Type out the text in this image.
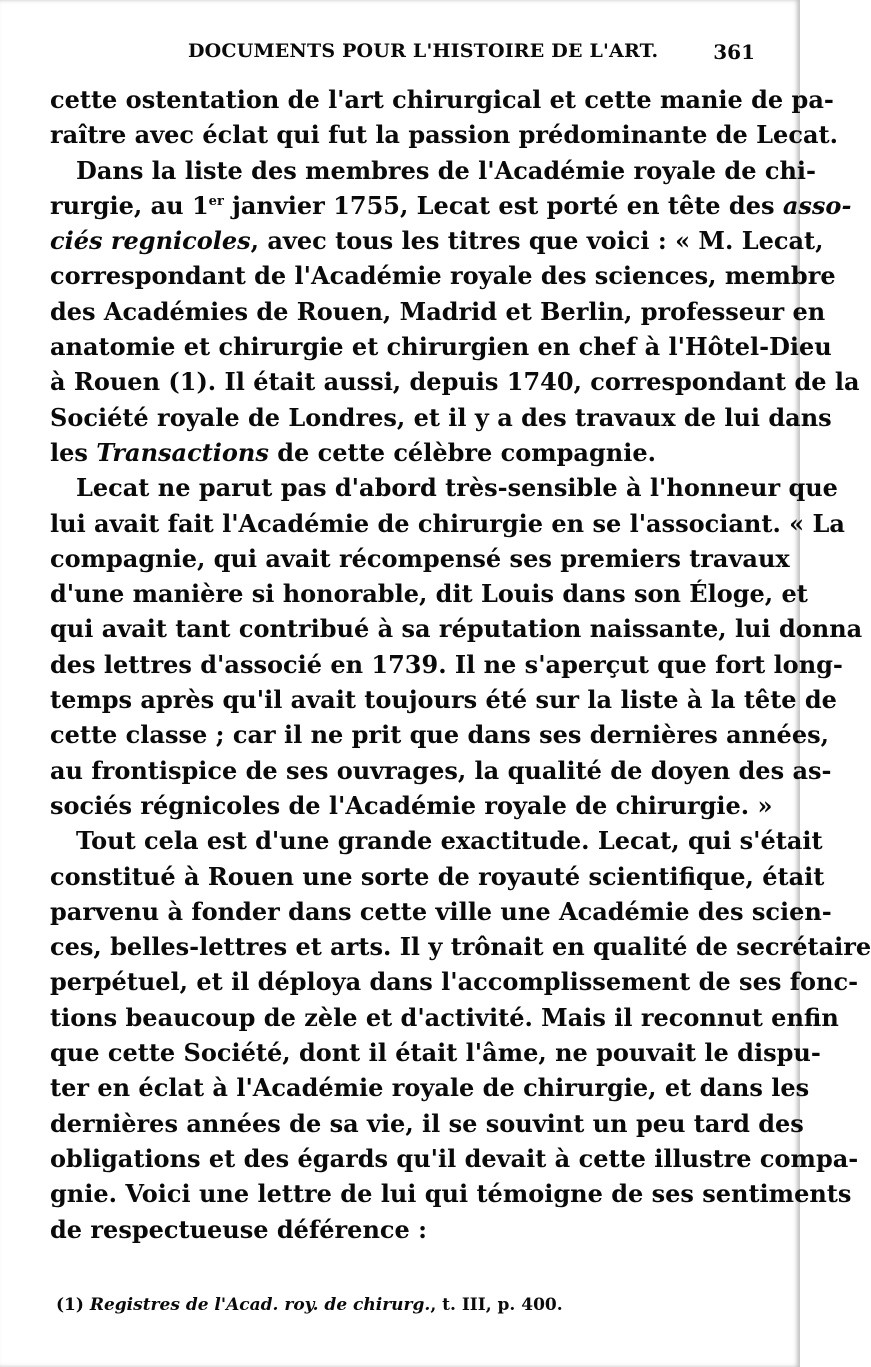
DOCUMENTS POUR L'HISTOIRE DE L'ART.	361
cette ostentation de l'art chirurgical et cette manie de pa-
raître avec éclat qui fut la passion prédominante de Lecat.
Dans la liste des membres de l'Académie royale de chi-
rurgie, au 1er janvier 1755, Lecat est porté en tête des asso-
ciés regnicoles, avec tous les titres que voici : « M. Lecat,
correspondant de l'Académie royale des sciences, membre
des Académies de Rouen, Madrid et Berlin, professeur en
anatomie et chirurgie et chirurgien en chef à l'Hôtel-Dieu
à Rouen (1). Il était aussi, depuis 1740, correspondant de la
Société royale de Londres, et il y a des travaux de lui dans
les Transactions de cette célèbre compagnie.
Lecat ne parut pas d'abord très-sensible à l'honneur que
lui avait fait l'Académie de chirurgie en se l'associant. « La
compagnie, qui avait récompensé ses premiers travaux
d'une manière si honorable, dit Louis dans son Éloge, et
qui avait tant contribué à sa réputation naissante, lui donna
des lettres d'associé en 1739. Il ne s'aperçut que fort long-
temps après qu'il avait toujours été sur la liste à la tête de
cette classe ; car il ne prit que dans ses dernières années,
au frontispice de ses ouvrages, la qualité de doyen des as-
sociés régnicoles de l'Académie royale de chirurgie. »
Tout cela est d'une grande exactitude. Lecat, qui s'était
constitué à Rouen une sorte de royauté scientifique, était
parvenu à fonder dans cette ville une Académie des scien-
ces, belles-lettres et arts. Il y trônait en qualité de secrétaire
perpétuel, et il déploya dans l'accomplissement de ses fonc-
tions beaucoup de zèle et d'activité. Mais il reconnut enfin
que cette Société, dont il était l'âme, ne pouvait le dispu-
ter en éclat à l'Académie royale de chirurgie, et dans les
dernières années de sa vie, il se souvint un peu tard des
obligations et des égards qu'il devait à cette illustre compa-
gnie. Voici une lettre de lui qui témoigne de ses sentiments
de respectueuse déférence :
(1) Registres de l'Acad. roy. de chirurg., t. III, p. 400.
